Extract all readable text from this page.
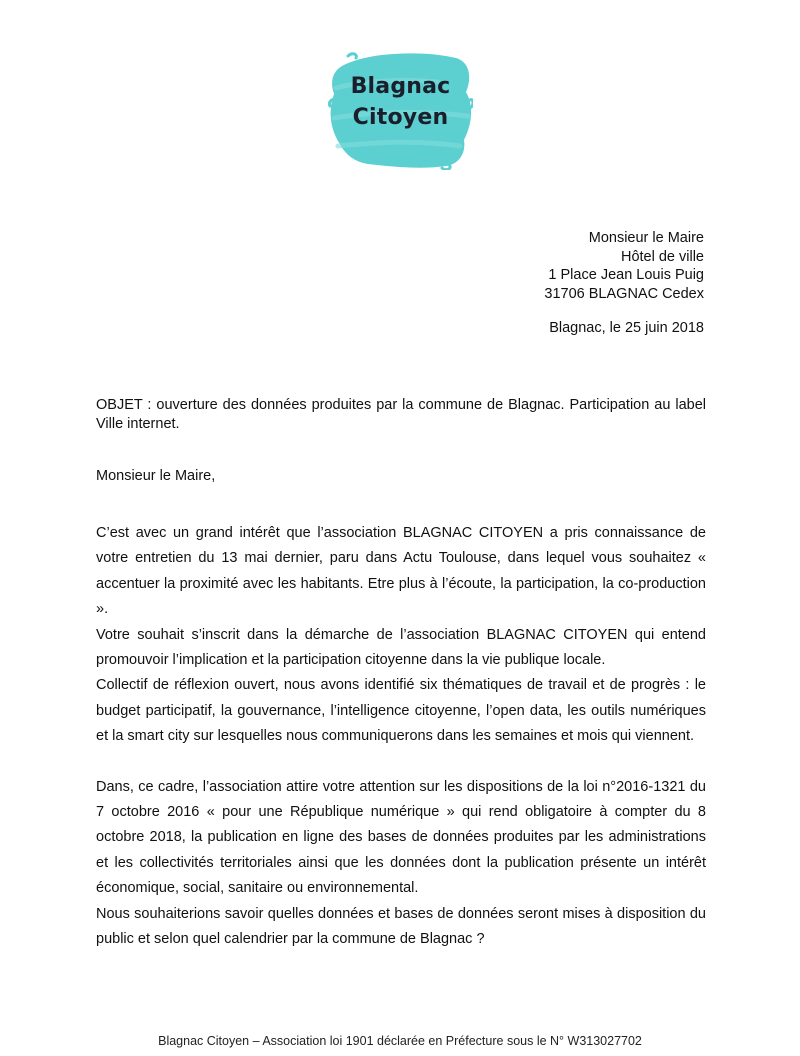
Blagnac
Citoyen
Monsieur le Maire
Hôtel de ville
1 Place Jean Louis Puig
31706 BLAGNAC Cedex
Blagnac, le 25 juin 2018
OBJET : ouverture des données produites par la commune de Blagnac. Participation au label Ville internet.
Monsieur le Maire,

C’est avec un grand intérêt que l’association BLAGNAC CITOYEN a pris connaissance de votre entretien du 13 mai dernier, paru dans Actu Toulouse, dans lequel vous souhaitez « accentuer la proximité avec les habitants. Etre plus à l’écoute, la participation, la co-production ».

Votre souhait s’inscrit dans la démarche de l’association BLAGNAC CITOYEN qui entend promouvoir l’implication et la participation citoyenne dans la vie publique locale.

Collectif de réflexion ouvert, nous avons identifié six thématiques de travail et de progrès : le budget participatif, la gouvernance, l’intelligence citoyenne, l’open data, les outils numériques et la smart city sur lesquelles nous communiquerons dans les semaines et mois qui viennent.

Dans, ce cadre, l’association attire votre attention sur les dispositions de la loi n°2016-1321 du 7 octobre 2016 « pour une République numérique » qui rend obligatoire à compter du 8 octobre 2018, la publication en ligne des bases de données produites par les administrations et les collectivités territoriales ainsi que les données dont la publication présente un intérêt économique, social, sanitaire ou environnemental.

Nous souhaiterions savoir quelles données et bases de données seront mises à disposition du public et selon quel calendrier par la commune de Blagnac ?

Blagnac Citoyen – Association loi 1901 déclarée en Préfecture sous le N° W313027702
